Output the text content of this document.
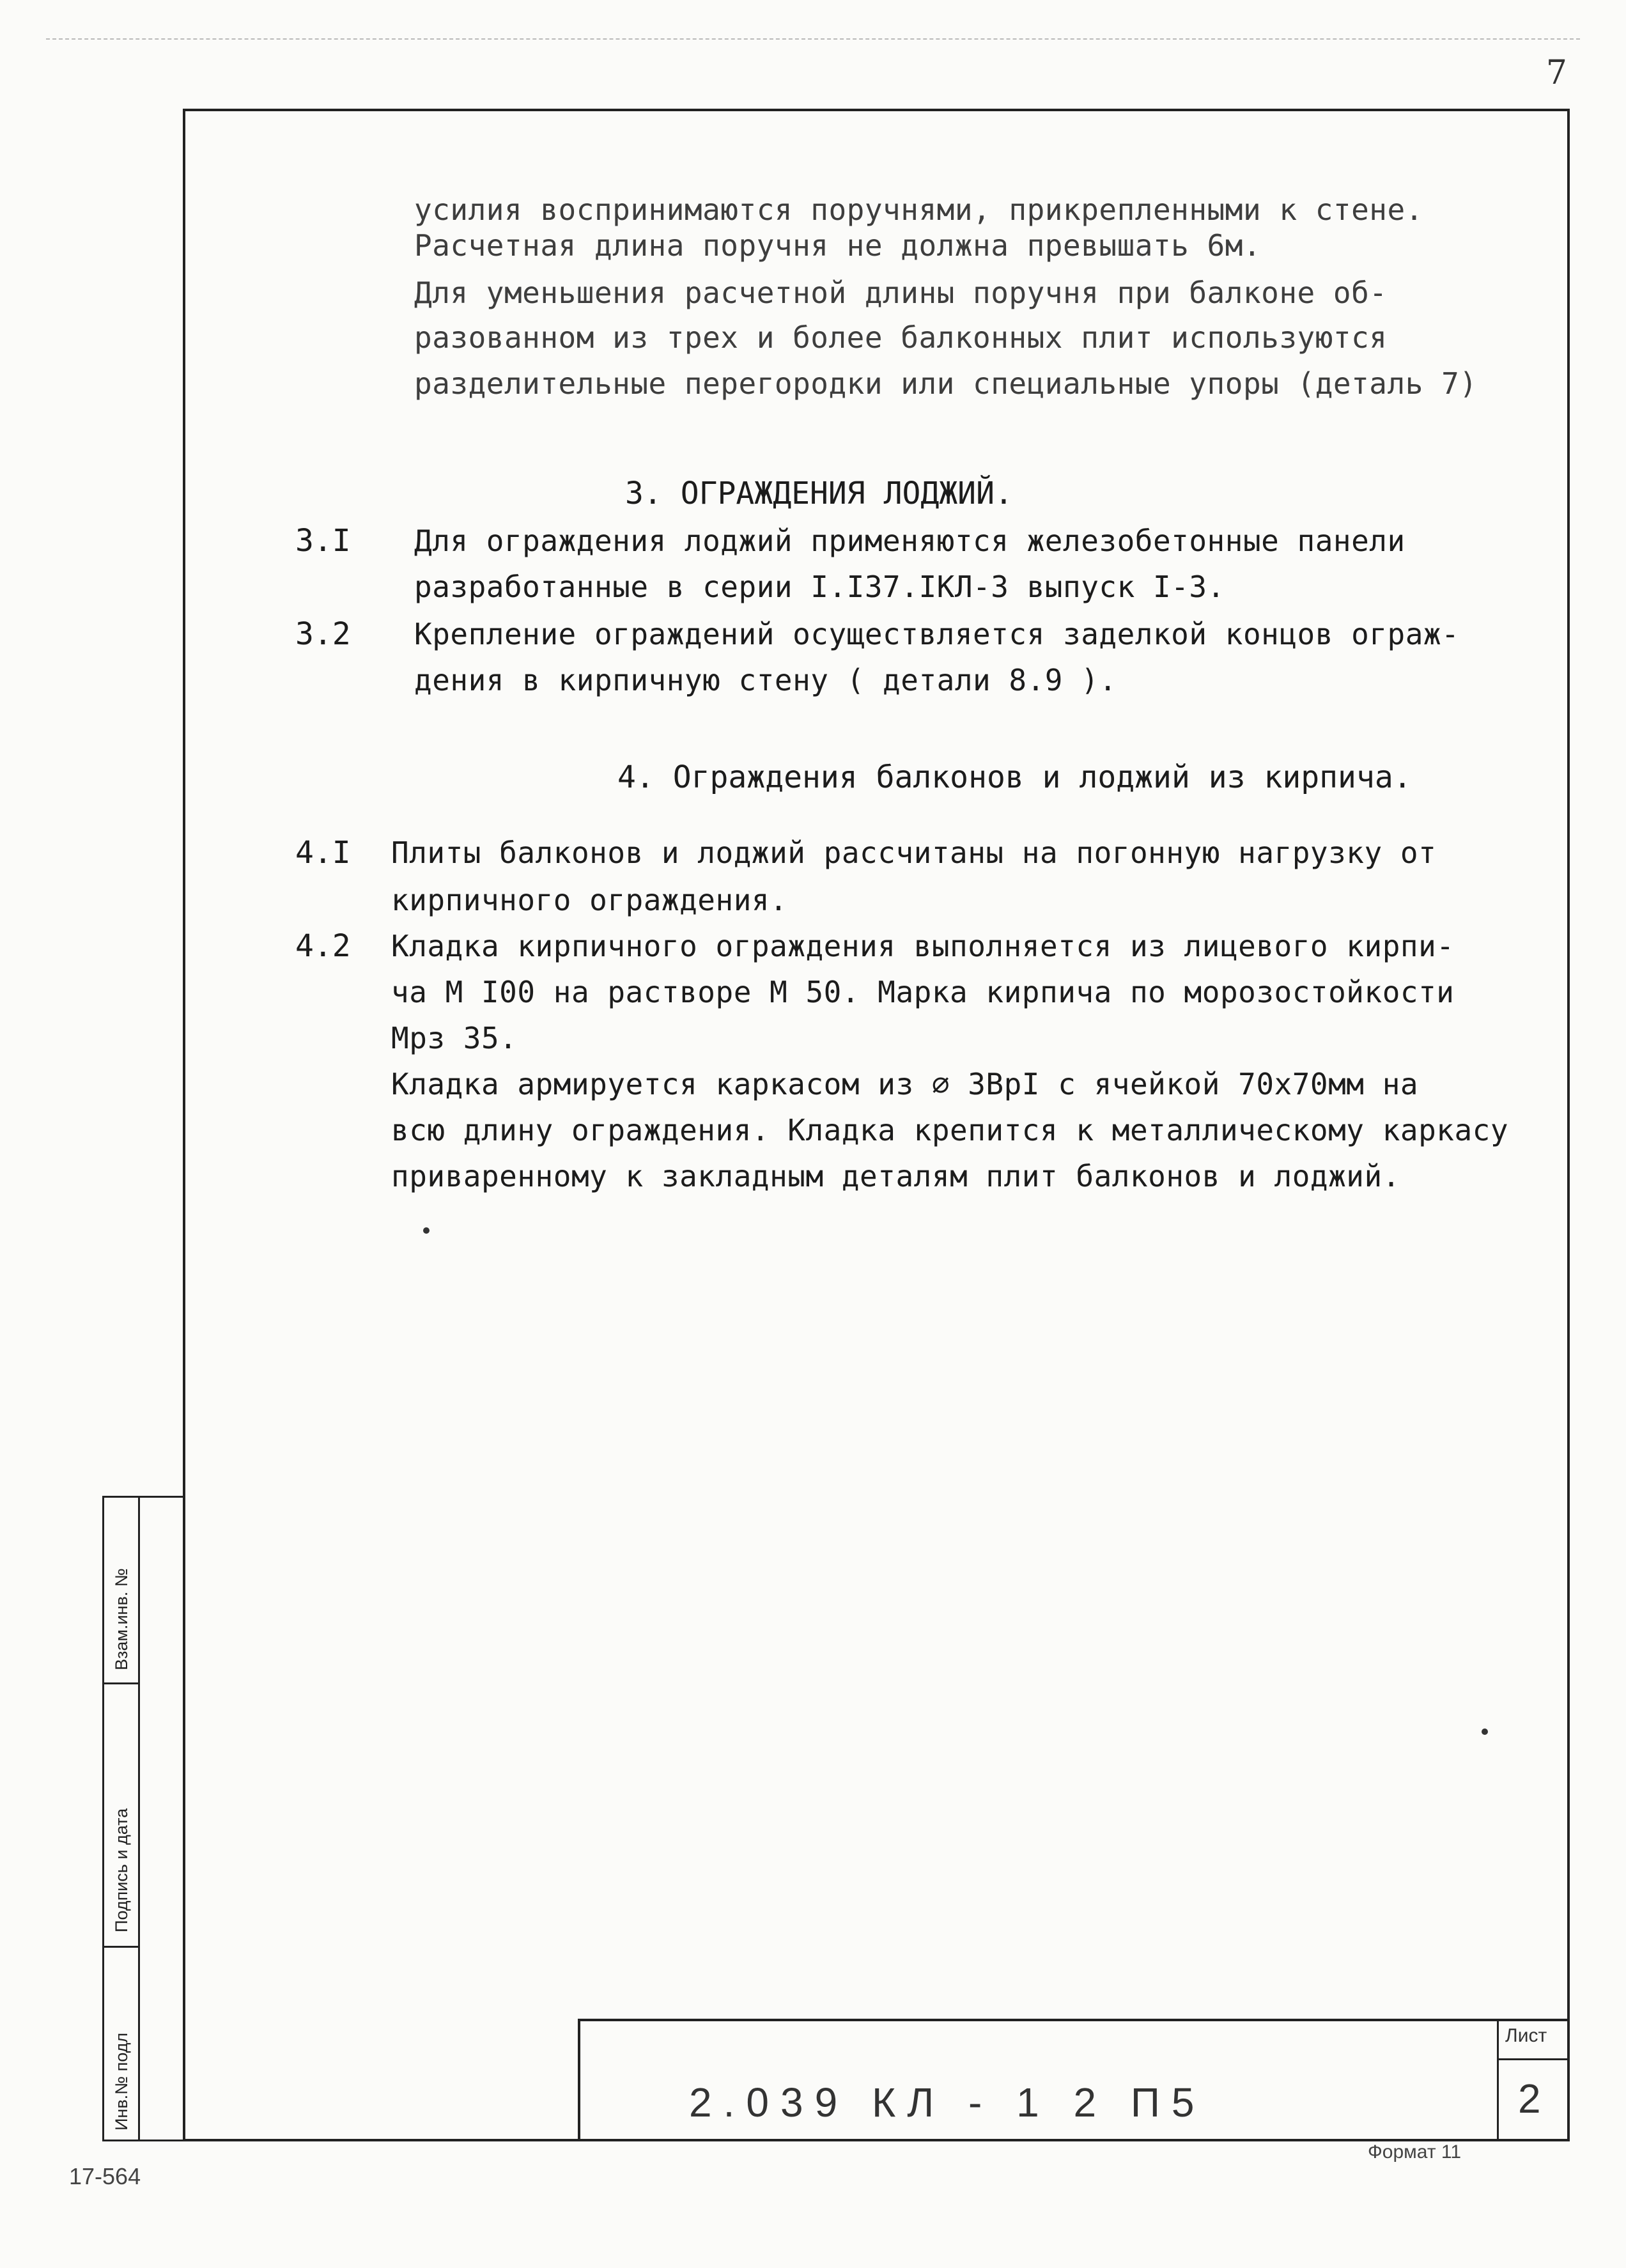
7
усилия воспринимаются поручнями, прикрепленными к стене.
Расчетная длина поручня не должна превышать 6м.
Для уменьшения расчетной длины поручня при балконе об-
разованном из трех и более балконных плит используются
разделительные перегородки или специальные упоры (деталь 7)
3. ОГРАЖДЕНИЯ ЛОДЖИЙ.
3.I Для ограждения лоджий применяются железобетонные панели
разработанные в серии I.I37.IКЛ-3 выпуск I-3.
3.2 Крепление ограждений осуществляется заделкой концов ограж-
дения в кирпичную стену ( детали 8.9 ).
4. Ограждения балконов и лоджий из кирпича.
4.I Плиты балконов и лоджий рассчитаны на погонную нагрузку от
кирпичного ограждения.
4.2 Кладка кирпичного ограждения выполняется из лицевого кирпи-
ча М I00 на растворе М 50. Марка кирпича по морозостойкости
Мрз 35.
Кладка армируется каркасом из ∅ 3ВрI с ячейкой 70х70мм на
всю длину ограждения. Кладка крепится к металлическому каркасу
приваренному к закладным деталям плит балконов и лоджий.
Взам.инв. №
Подпись и дата
Инв.№ подл	2.039 КЛ - 1 2 П5
Лист
2
Формат 11
17-564
